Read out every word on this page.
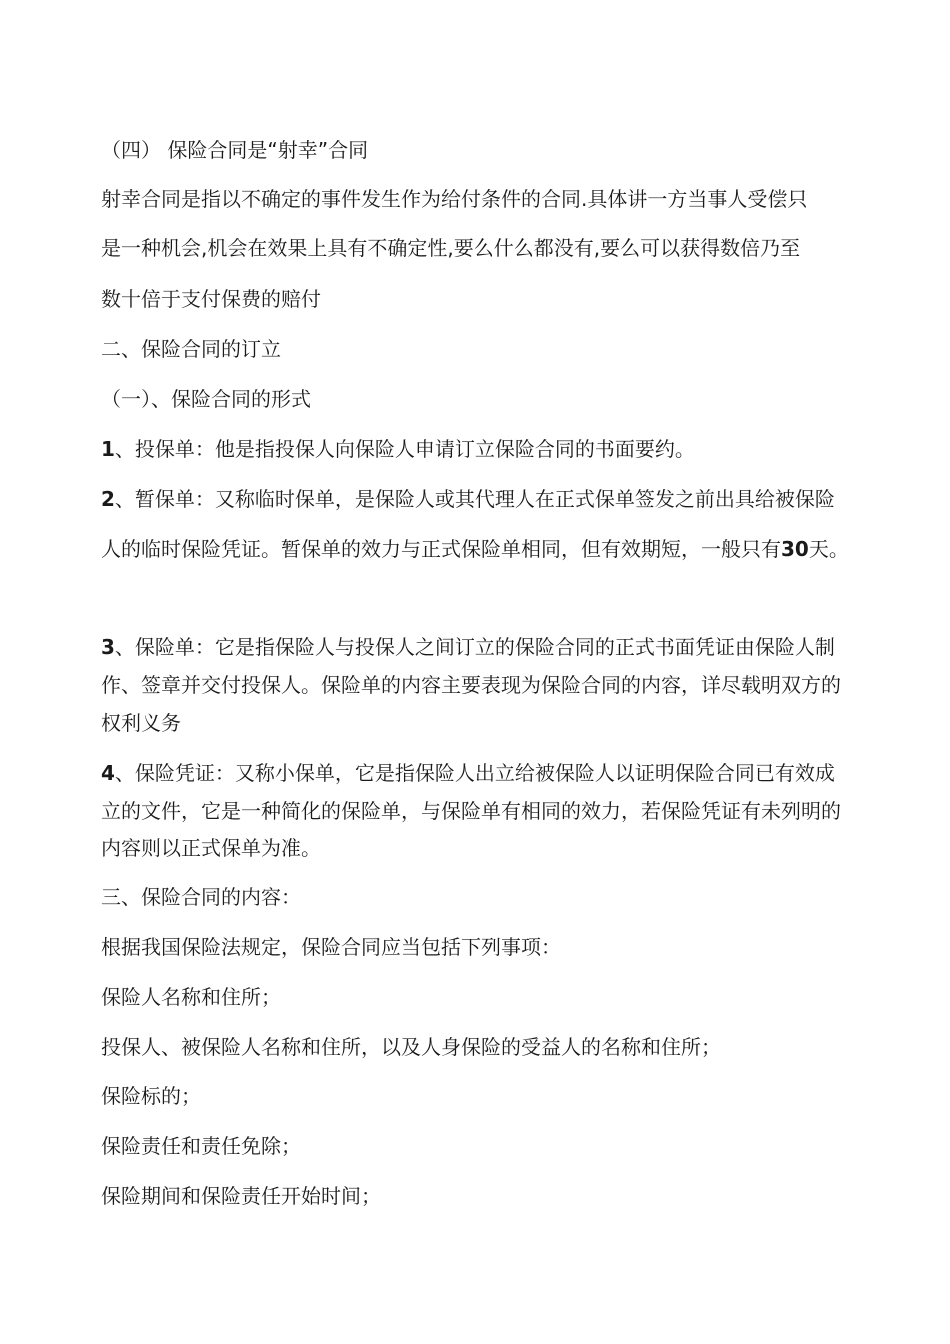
（四） 保险合同是“射幸”合同

射幸合同是指以不确定的事件发生作为给付条件的合同.具体讲一方当事人受偿只

是一种机会,机会在效果上具有不确定性,要么什么都没有,要么可以获得数倍乃至

数十倍于支付保费的赔付

二、保险合同的订立

（一）、保险合同的形式

1、投保单：他是指投保人向保险人申请订立保险合同的书面要约。

2、暂保单：又称临时保单，是保险人或其代理人在正式保单签发之前出具给被保险

人的临时保险凭证。暂保单的效力与正式保险单相同，但有效期短，一般只有30天。

3、保险单：它是指保险人与投保人之间订立的保险合同的正式书面凭证由保险人制

作、签章并交付投保人。保险单的内容主要表现为保险合同的内容，详尽载明双方的

权利义务

4、保险凭证：又称小保单，它是指保险人出立给被保险人以证明保险合同已有效成

立的文件，它是一种简化的保险单，与保险单有相同的效力，若保险凭证有未列明的

内容则以正式保单为准。

三、保险合同的内容：

根据我国保险法规定，保险合同应当包括下列事项：

保险人名称和住所；

投保人、被保险人名称和住所，以及人身保险的受益人的名称和住所；

保险标的；

保险责任和责任免除；

保险期间和保险责任开始时间；
